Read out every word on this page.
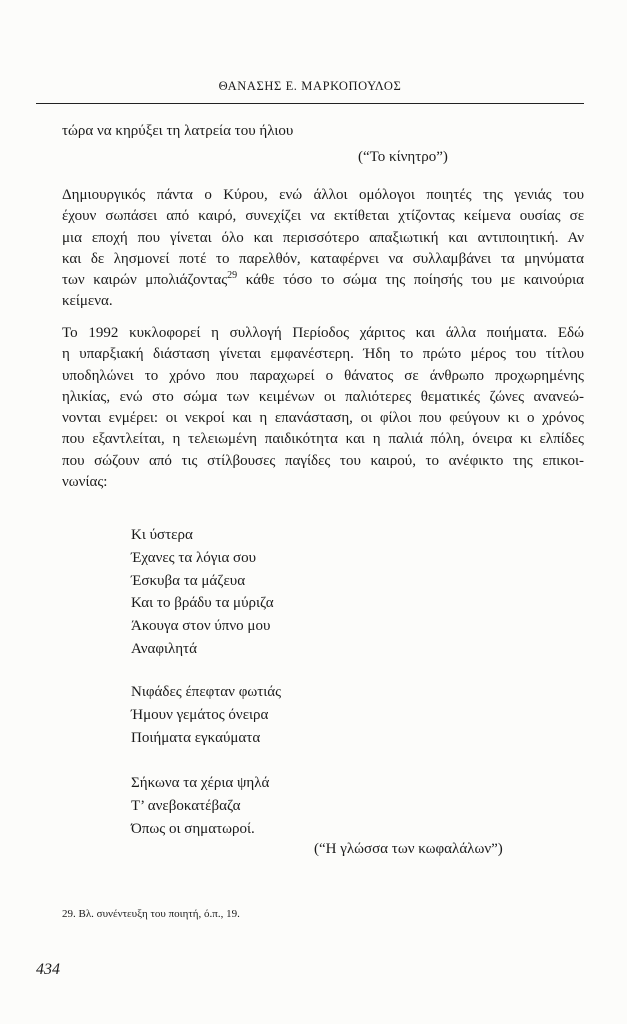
ΘΑΝΑΣΗΣ Ε. ΜΑΡΚΟΠΟΥΛΟΣ
τώρα να κηρύξει τη λατρεία του ήλιου
(“Το κίνητρο”)
Δημιουργικός πάντα ο Κύρου, ενώ άλλοι ομόλογοι ποιητές της γενιάς του
έχουν σωπάσει από καιρό, συνεχίζει να εκτίθεται χτίζοντας κείμενα ουσίας σε
μια εποχή που γίνεται όλο και περισσότερο απαξιωτική και αντιποιητική. Αν
και δε λησμονεί ποτέ το παρελθόν, καταφέρνει να συλλαμβάνει τα μηνύματα
των καιρών μπολιάζοντας$^{29}$ κάθε τόσο το σώμα της ποίησής του με καινούρια
κείμενα.
Το 1992 κυκλοφορεί η συλλογή Περίοδος χάριτος και άλλα ποιήματα. Εδώ
η υπαρξιακή διάσταση γίνεται εμφανέστερη. Ήδη το πρώτο μέρος του τίτλου
υποδηλώνει το χρόνο που παραχωρεί ο θάνατος σε άνθρωπο προχωρημένης
ηλικίας, ενώ στο σώμα των κειμένων οι παλιότερες θεματικές ζώνες ανανεώ-
νονται ενμέρει: οι νεκροί και η επανάσταση, οι φίλοι που φεύγουν κι ο χρόνος
που εξαντλείται, η τελειωμένη παιδικότητα και η παλιά πόλη, όνειρα κι ελπίδες
που σώζουν από τις στίλβουσες παγίδες του καιρού, το ανέφικτο της επικοι-
νωνίας:
Κι ύστερα
Έχανες τα λόγια σου
Έσκυβα τα μάζευα
Και το βράδυ τα μύριζα
Άκουγα στον ύπνο μου
Αναφιλητά
Νιφάδες έπεφταν φωτιάς
Ήμουν γεμάτος όνειρα
Ποιήματα εγκαύματα
Σήκωνα τα χέρια ψηλά
Τ’ ανεβοκατέβαζα
Όπως οι σηματωροί.
(“Η γλώσσα των κωφαλάλων”)
29. Βλ. συνέντευξη του ποιητή, ό.π., 19.
434
